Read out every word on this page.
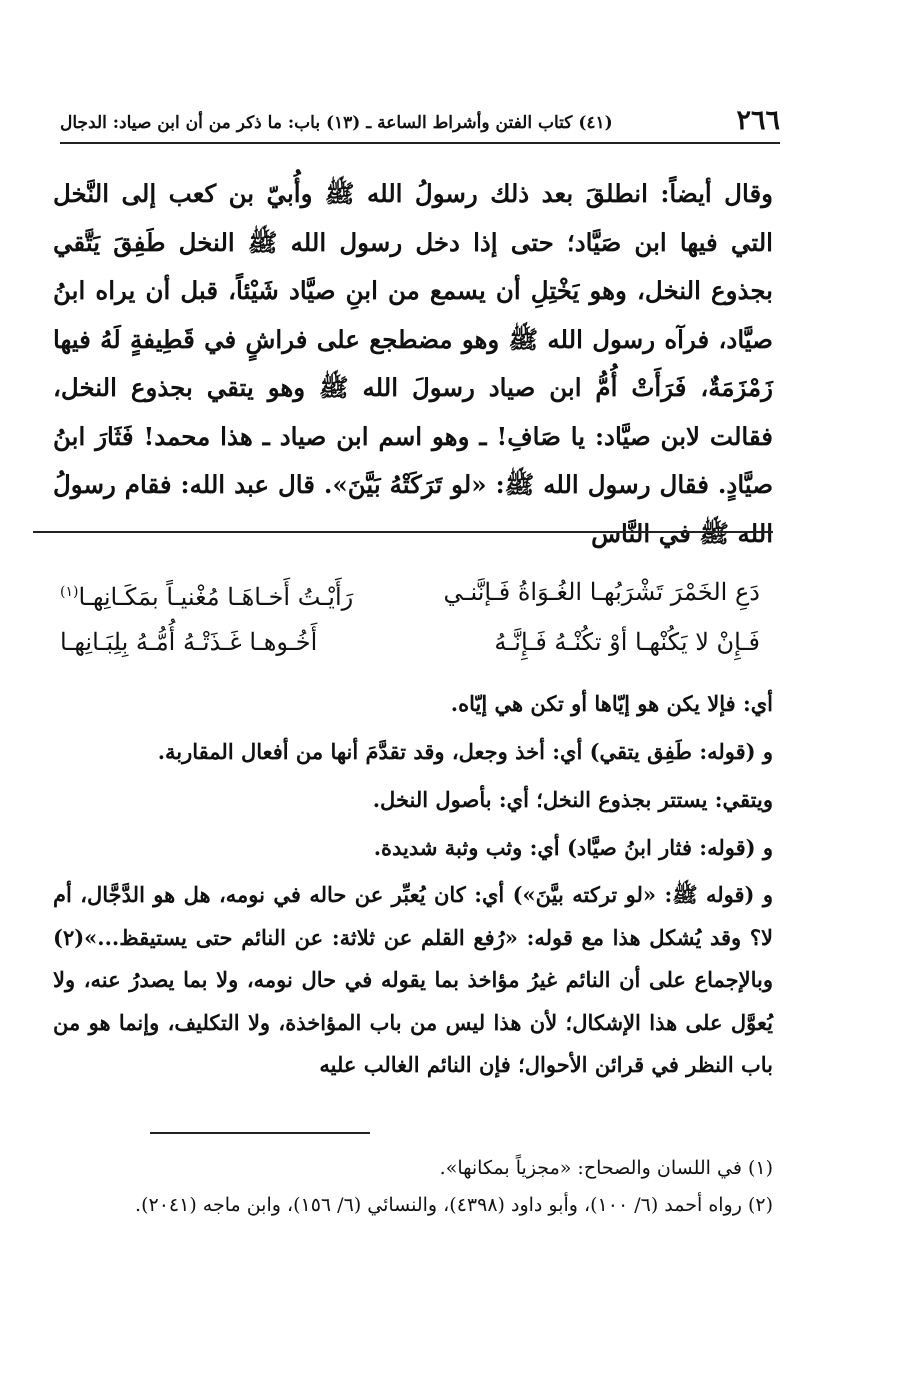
٢٦٦
(٤١) كتاب الفتن وأشراط الساعة ـ (١٣) باب: ما ذكر من أن ابن صياد: الدجال

وقال أيضاً: انطلقَ بعد ذلك رسولُ الله ﷺ وأُبيّ بن كعب إلى النَّخل التي فيها ابن صَيَّاد؛ حتى إذا دخل رسول الله ﷺ النخل طَفِقَ يَتَّقي بجذوع النخل، وهو يَخْتِلِ أن يسمع من ابنِ صيَّاد شَيْئاً، قبل أن يراه ابنُ صيَّاد، فرآه رسول الله ﷺ وهو مضطجع على فراشٍ في قَطِيفةٍ لَهُ فيها زَمْزَمَةٌ، فَرَأَتْ أُمُّ ابن صياد رسولَ الله ﷺ وهو يتقي بجذوع النخل، فقالت لابن صيَّاد: يا صَافِ! ـ وهو اسم ابن صياد ـ هذا محمد! فَثَارَ ابنُ صيَّادٍ. فقال رسول الله ﷺ: «لو تَرَكَتْهُ بَيَّنَ». قال عبد الله: فقام رسولُ الله ﷺ في النَّاس

دَعِ الخَمْرَ تَشْرَبُهـا الغُـوَاةُ فَـإنَّنـي
رَأَيْـتُ أَخـاهَـا مُغْنيـاً بمَكَـانِهـا$^{(١)}$
فَـإِنْ لا يَكُنْهـا أوْ تكُنْـهُ فَـإِنَّـهُ
أَخُـوهـا غَـذَتْـهُ أُمُّـهُ بِلِبَـانِهـا

أي: فإلا يكن هو إيّاها أو تكن هي إيّاه.

و (قوله: طَفِق يتقي) أي: أخذ وجعل، وقد تقدَّمَ أنها من أفعال المقاربة.

ويتقي: يستتر بجذوع النخل؛ أي: بأصول النخل.

و (قوله: فثار ابنُ صيَّاد) أي: وثب وثبة شديدة.

و (قوله ﷺ: «لو تركته بيَّنَ») أي: كان يُعبِّر عن حاله في نومه، هل هو الدَّجَّال، أم لا؟ وقد يُشكل هذا مع قوله: «رُفع القلم عن ثلاثة: عن النائم حتى يستيقظ...»(٢) وبالإجماع على أن النائم غيرُ مؤاخذ بما يقوله في حال نومه، ولا بما يصدرُ عنه، ولا يُعوَّل على هذا الإشكال؛ لأن هذا ليس من باب المؤاخذة، ولا التكليف، وإنما هو من باب النظر في قرائن الأحوال؛ فإن النائم الغالب عليه

(١) في اللسان والصحاح: «مجزياً بمكانها».

(٢) رواه أحمد (٦/ ١٠٠)، وأبو داود (٤٣٩٨)، والنسائي (٦/ ١٥٦)، وابن ماجه (٢٠٤١).
